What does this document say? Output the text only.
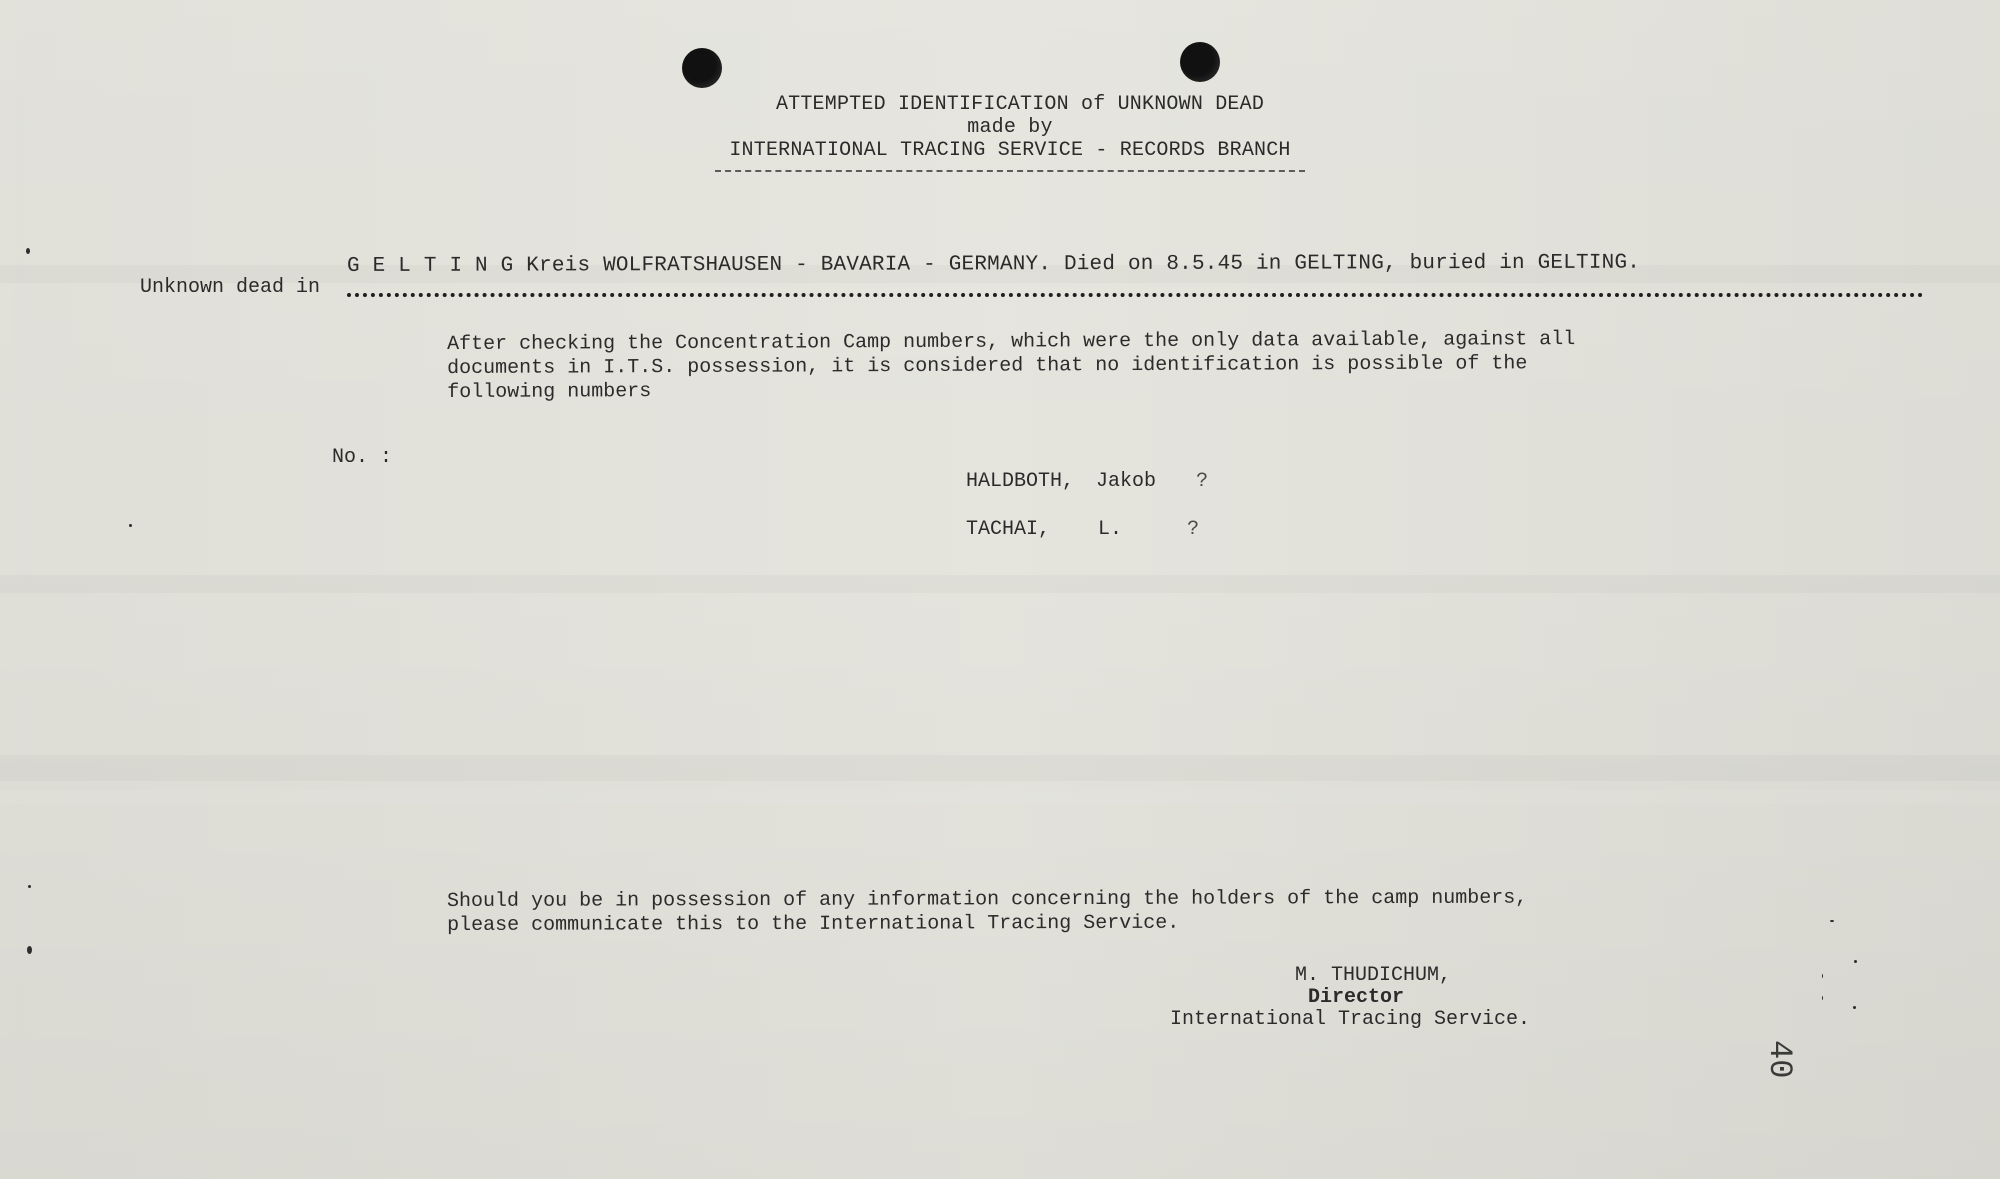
ATTEMPTED IDENTIFICATION of UNKNOWN DEAD
made by
INTERNATIONAL TRACING SERVICE - RECORDS BRANCH
Unknown dead in
G E L T I N G Kreis WOLFRATSHAUSEN - BAVARIA - GERMANY. Died on 8.5.45 in GELTING, buried in GELTING.
After checking the Concentration Camp numbers, which were the only data available, against all
documents in I.T.S. possession, it is considered that no identification is possible of the
following numbers
No. :
HALDBOTH, Jakob ?
TACHAI, L.	?
Should you be in possession of any information concerning the holders of the camp numbers,
please communicate this to the International Tracing Service.
M. THUDICHUM,
Director
International Tracing Service.
40
